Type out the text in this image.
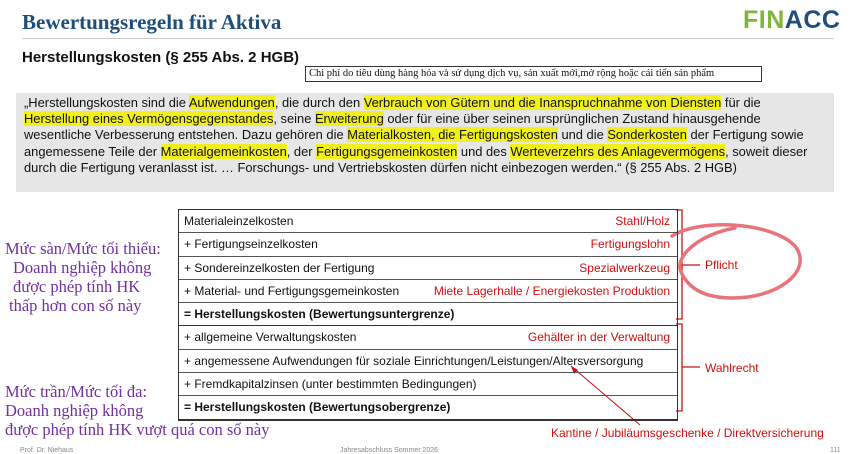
Bewertungsregeln für Aktiva	FINACC
Herstellungskosten (§ 255 Abs. 2 HGB)
Chi phí do tiêu dùng hàng hóa và sử dụng dịch vụ, sản xuất mới,mở rộng hoặc cải tiến sản phẩm

„Herstellungskosten sind die Aufwendungen, die durch den Verbrauch von Gütern und die Inanspruchnahme von Diensten für die Herstellung eines Vermögensgegenstandes, seine Erweiterung oder für eine über seinen ursprünglichen Zustand hinausgehende wesentliche Verbesserung entstehen. Dazu gehören die Materialkosten, die Fertigungskosten und die Sonderkosten der Fertigung sowie angemessene Teile der Materialgemeinkosten, der Fertigungsgemeinkosten und des Werteverzehrs des Anlagevermögens, soweit dieser durch die Fertigung veranlasst ist. … Forschungs- und Vertriebskosten dürfen nicht einbezogen werden.“ (§ 255 Abs. 2 HGB)

Materialeinzelkosten	Stahl/Holz
+ Fertigungseinzelkosten	Fertigungslohn
+ Sondereinzelkosten der Fertigung	Spezialwerkzeug
+ Material- und Fertigungsgemeinkosten	Miete Lagerhalle / Energiekosten Produktion
= Herstellungskosten (Bewertungsuntergrenze)
+ allgemeine Verwaltungskosten	Gehälter in der Verwaltung
+ angemessene Aufwendungen für soziale Einrichtungen/Leistungen/Altersversorgung
+ Fremdkapitalzinsen (unter bestimmten Bedingungen)
= Herstellungskosten (Bewertungsobergrenze)
Mức sàn/Mức tối thiểu:
Doanh nghiệp không
được phép tính HK
thấp hơn con số này
Mức trần/Mức tối đa:
Doanh nghiệp không
được phép tính HK vượt quá con số này
Pflicht
Wahlrecht
Kantine / Jubiläumsgeschenke / Direktversicherung
Prof. Dr. Niehaus	Jahresabschluss Sommer 2026	111
